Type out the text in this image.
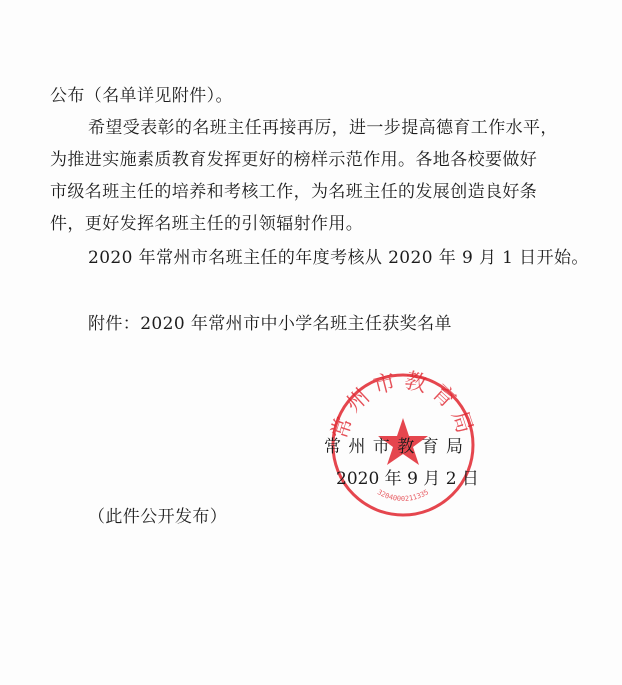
公布（名单详见附件）。
希望受表彰的名班主任再接再厉，进一步提高德育工作水平，
为推进实施素质教育发挥更好的榜样示范作用。各地各校要做好
市级名班主任的培养和考核工作，为名班主任的发展创造良好条
件，更好发挥名班主任的引领辐射作用。
2020 年常州市名班主任的年度考核从 2020 年 9 月 1 日开始。
附件：2020 年常州市中小学名班主任获奖名单
常州市教育局
3204000211335
常 州 市 教 育 局
2020 年 9 月 2 日
（此件公开发布）
